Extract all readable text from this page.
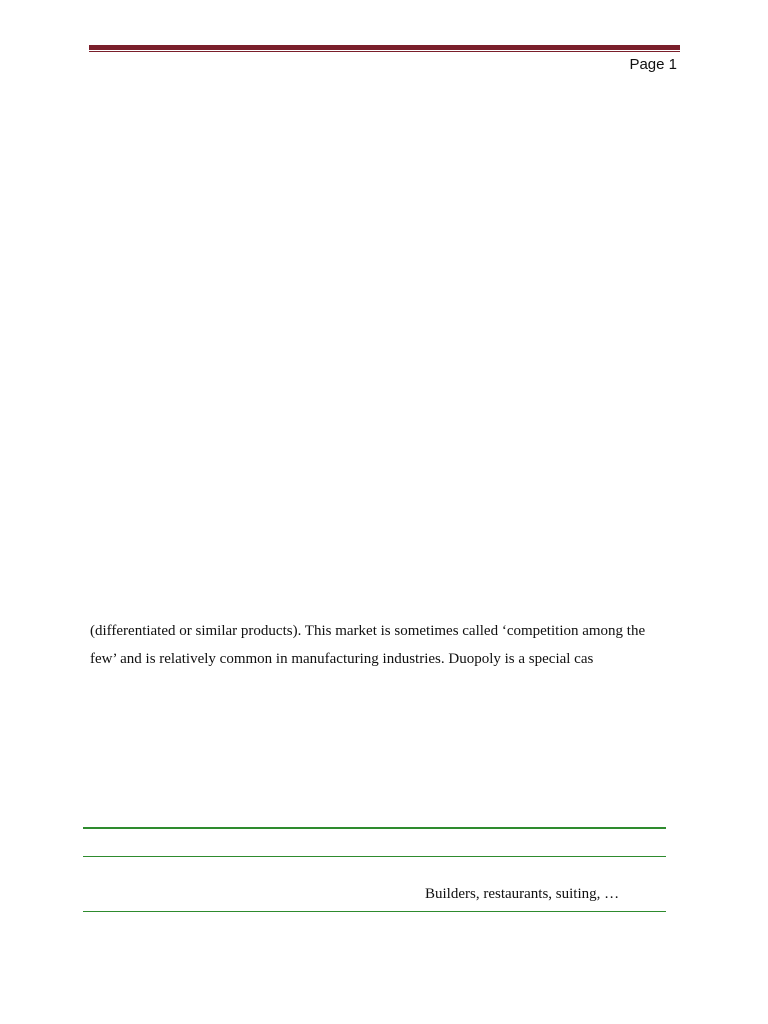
Page 1
(differentiated or similar products). This market is sometimes called ‘competition among the
few’ and is relatively common in manufacturing industries. Duopoly is a special cas
Builders, restaurants, suiting, …
